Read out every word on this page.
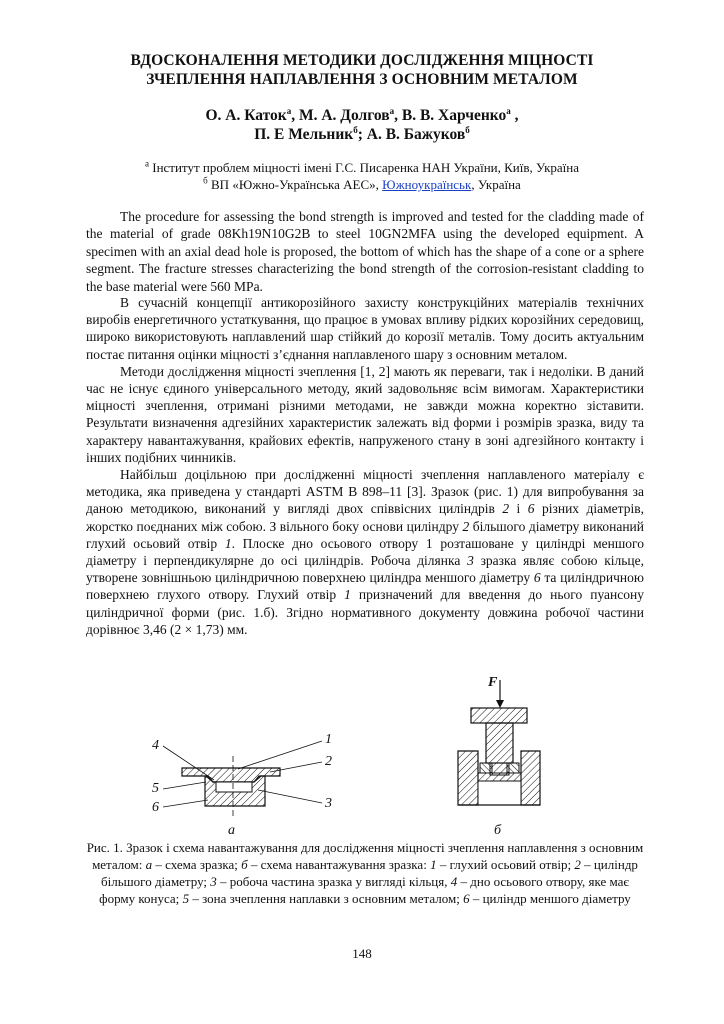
ВДОСКОНАЛЕННЯ МЕТОДИКИ ДОСЛІДЖЕННЯ МІЦНОСТІ
ЗЧЕПЛЕННЯ НАПЛАВЛЕННЯ З ОСНОВНИМ МЕТАЛОМ
О. А. Каток$^а$, М. А. Долгов$^а$, В. В. Харченко$^а$ ,
П. Е Мельник$^б$; А. В. Бажуков$^б$
$^а$ Інститут проблем міцності імені Г.С. Писаренка НАН України, Київ, Україна
$^б$ ВП «Южно-Українська АЕС», Южноукраїнськ, Україна
The procedure for assessing the bond strength is improved and tested for the cladding made of the material of grade 08Kh19N10G2B to steel 10GN2MFA using the developed equipment. A specimen with an axial dead hole is proposed, the bottom of which has the shape of a cone or a sphere segment. The fracture stresses characterizing the bond strength of the corrosion-resistant cladding to the base material were 560 MPa.

В сучасній концепції антикорозійного захисту конструкційних матеріалів технічних виробів енергетичного устаткування, що працює в умовах впливу рідких корозійних середовищ, широко використовують наплавлений шар стійкий до корозії металів. Тому досить актуальним постає питання оцінки міцності з’єднання наплавленого шару з основним металом.

Методи дослідження міцності зчеплення [1, 2] мають як переваги, так і недоліки. В даний час не існує єдиного універсального методу, який задовольняє всім вимогам. Характеристики міцності зчеплення, отримані різними методами, не завжди можна коректно зіставити. Результати визначення адгезійних характеристик залежать від форми і розмірів зразка, виду та характеру навантажування, крайових ефектів, напруженого стану в зоні адгезійного контакту і інших подібних чинників.

Найбільш доцільною при дослідженні міцності зчеплення наплавленого матеріалу є методика, яка приведена у стандарті ASTM B 898–11 [3]. Зразок (рис. 1) для випробування за даною методикою, виконаний у вигляді двох співвісних циліндрів 2 і 6 різних діаметрів, жорстко поєднаних між собою. З вільного боку основи циліндру 2 більшого діаметру виконаний глухий осьовий отвір 1. Плоске дно осьового отвору 1 розташоване у циліндрі меншого діаметру і перпендикулярне до осі циліндрів. Робоча ділянка 3 зразка являє собою кільце, утворене зовнішньою циліндричною поверхнею циліндра меншого діаметру 6 та циліндричною поверхнею глухого отвору. Глухий отвір 1 призначений для введення до нього пуансону циліндричної форми (рис. 1.б). Згідно нормативного документу довжина робочої частини дорівнює 3,46 (2 × 1,73) мм.

4
5
6
1
2
3
а
F
б
Рис. 1. Зразок і схема навантажування для дослідження міцності зчеплення наплавлення з основним металом: а – схема зразка; б – схема навантажування зразка: 1 – глухий осьовий отвір; 2 – циліндр більшого діаметру; 3 – робоча частина зразка у вигляді кільця, 4 – дно осьового отвору, яке має форму конуса; 5 – зона зчеплення наплавки з основним металом; 6 – циліндр меншого діаметру
148
